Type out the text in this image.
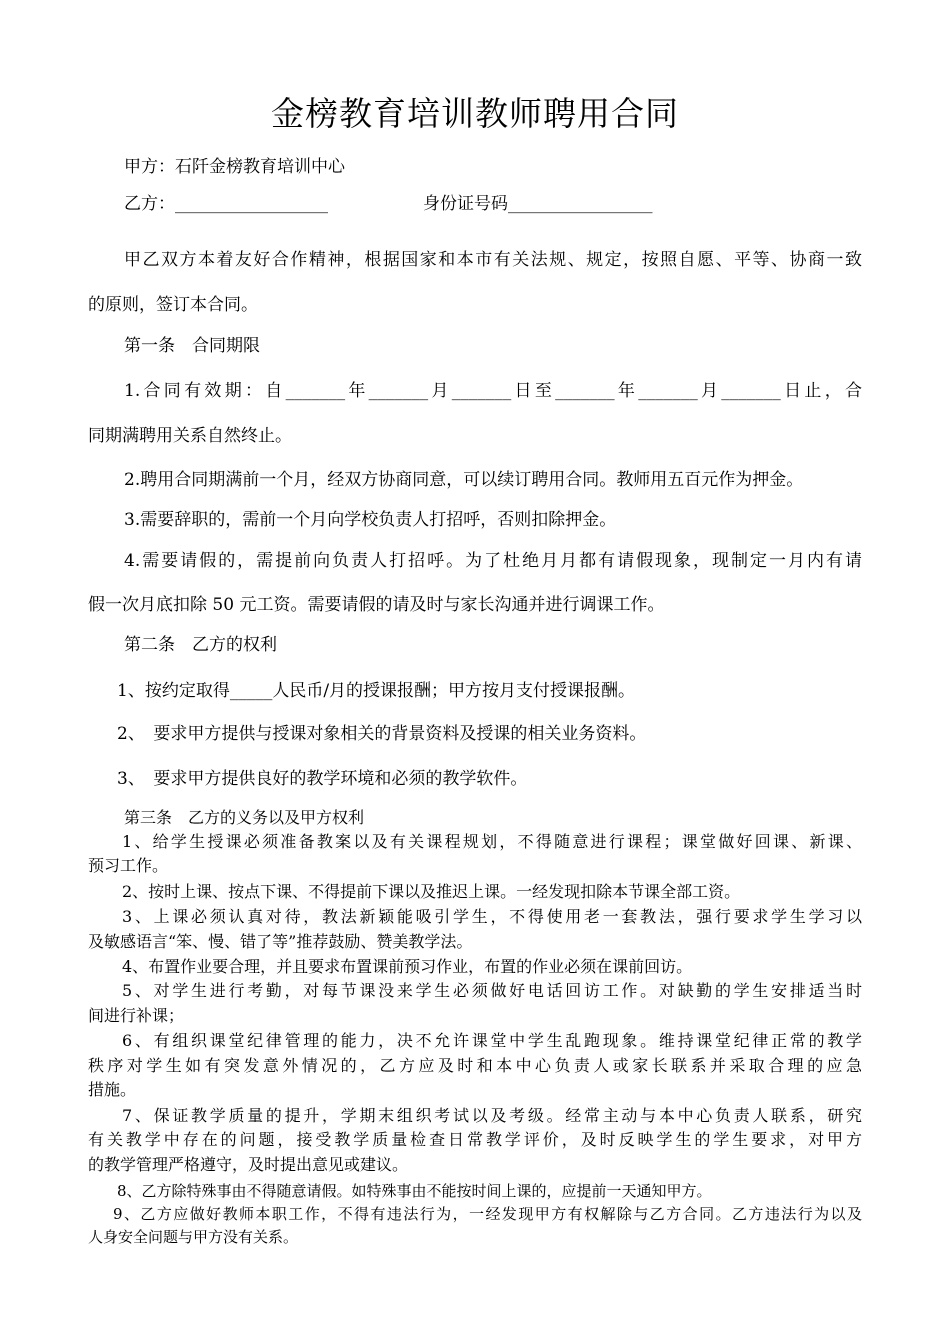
金榜教育培训教师聘用合同
甲方：石阡金榜教育培训中心
乙方：__________________	身份证号码_________________
甲乙双方本着友好合作精神，根据国家和本市有关法规、规定，按照自愿、平等、协商一致
的原则，签订本合同。
第一条　合同期限
1.合同有效期：自_______年_______月_______日至_______年_______月_______日止，合
同期满聘用关系自然终止。
2.聘用合同期满前一个月，经双方协商同意，可以续订聘用合同。教师用五百元作为押金。
3.需要辞职的，需前一个月向学校负责人打招呼，否则扣除押金。
4.需要请假的，需提前向负责人打招呼。为了杜绝月月都有请假现象，现制定一月内有请
假一次月底扣除 50 元工资。需要请假的请及时与家长沟通并进行调课工作。
第二条　乙方的权利
1、按约定取得_____人民币/月的授课报酬；甲方按月支付授课报酬。
2、　要求甲方提供与授课对象相关的背景资料及授课的相关业务资料。
3、　要求甲方提供良好的教学环境和必须的教学软件。
第三条　乙方的义务以及甲方权利
1、给学生授课必须准备教案以及有关课程规划，不得随意进行课程；课堂做好回课、新课、
预习工作。
2、按时上课、按点下课、不得提前下课以及推迟上课。一经发现扣除本节课全部工资。
3、上课必须认真对待，教法新颖能吸引学生，不得使用老一套教法，强行要求学生学习以
及敏感语言“笨、慢、错了等”推荐鼓励、赞美教学法。
4、布置作业要合理，并且要求布置课前预习作业，布置的作业必须在课前回访。
5、对学生进行考勤，对每节课没来学生必须做好电话回访工作。对缺勤的学生安排适当时
间进行补课；
6、有组织课堂纪律管理的能力，决不允许课堂中学生乱跑现象。维持课堂纪律正常的教学
秩序对学生如有突发意外情况的，乙方应及时和本中心负责人或家长联系并采取合理的应急
措施。
7、保证教学质量的提升，学期末组织考试以及考级。经常主动与本中心负责人联系，研究
有关教学中存在的问题，接受教学质量检查日常教学评价，及时反映学生的学生要求，对甲方
的教学管理严格遵守，及时提出意见或建议。
8、乙方除特殊事由不得随意请假。如特殊事由不能按时间上课的，应提前一天通知甲方。
9、乙方应做好教师本职工作，不得有违法行为，一经发现甲方有权解除与乙方合同。乙方违法行为以及
人身安全问题与甲方没有关系。
